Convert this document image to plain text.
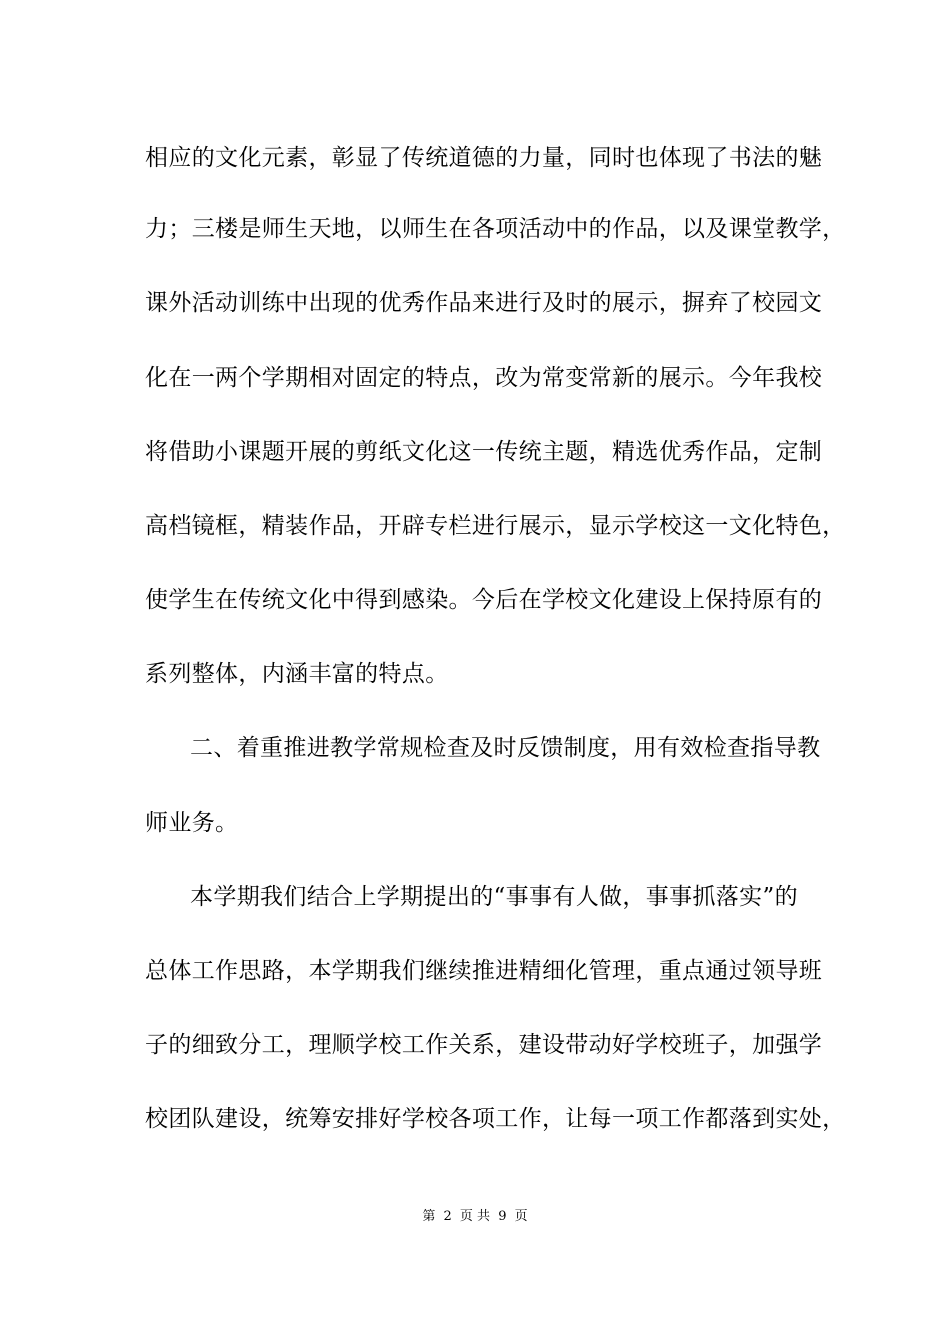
相应的文化元素，彰显了传统道德的力量，同时也体现了书法的魅
力；三楼是师生天地，以师生在各项活动中的作品，以及课堂教学，
课外活动训练中出现的优秀作品来进行及时的展示，摒弃了校园文
化在一两个学期相对固定的特点，改为常变常新的展示。今年我校
将借助小课题开展的剪纸文化这一传统主题，精选优秀作品，定制
高档镜框，精装作品，开辟专栏进行展示，显示学校这一文化特色，
使学生在传统文化中得到感染。今后在学校文化建设上保持原有的
系列整体，内涵丰富的特点。
二、着重推进教学常规检查及时反馈制度，用有效检查指导教
师业务。
本学期我们结合上学期提出的“事事有人做，事事抓落实”的
总体工作思路，本学期我们继续推进精细化管理，重点通过领导班
子的细致分工，理顺学校工作关系，建设带动好学校班子，加强学
校团队建设，统筹安排好学校各项工作，让每一项工作都落到实处，
第 2 页 共 9 页
